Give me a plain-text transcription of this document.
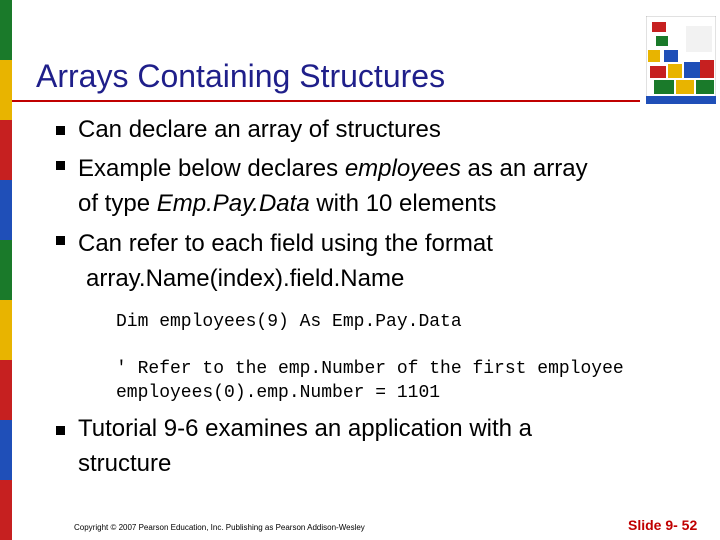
Arrays Containing Structures
Can declare an array of structures
Example below declares employees as an array
of type Emp.Pay.Data with 10 elements
Can refer to each field using the format
array.Name(index).field.Name
Dim employees(9) As Emp.Pay.Data
' Refer to the emp.Number of the first employee
employees(0).emp.Number = 1101
Tutorial 9-6 examines an application with a
structure
Copyright © 2007 Pearson Education, Inc. Publishing as Pearson Addison-Wesley	Slide 9- 52
